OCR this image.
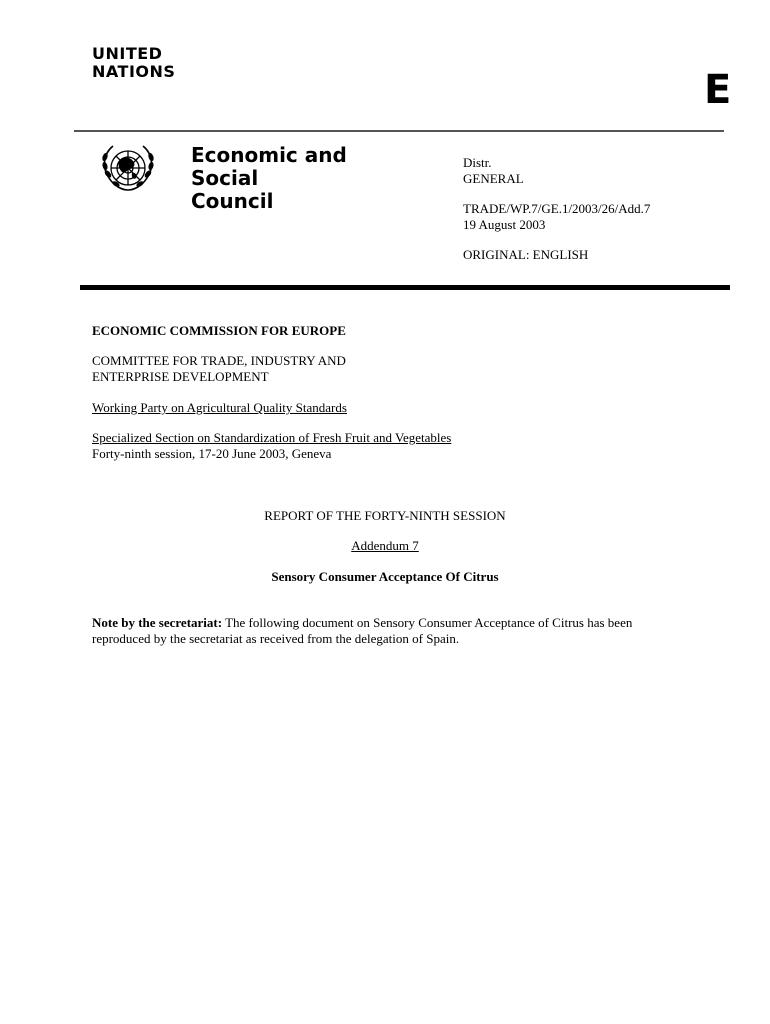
UNITED
NATIONS	E
Economic and
Social
Council
Distr.
GENERAL
TRADE/WP.7/GE.1/2003/26/Add.7
19 August 2003
ORIGINAL: ENGLISH
ECONOMIC COMMISSION FOR EUROPE
COMMITTEE FOR TRADE, INDUSTRY AND
ENTERPRISE DEVELOPMENT
Working Party on Agricultural Quality Standards
Specialized Section on Standardization of Fresh Fruit and Vegetables
Forty-ninth session, 17-20 June 2003, Geneva
REPORT OF THE FORTY-NINTH SESSION
Addendum 7
Sensory Consumer Acceptance Of Citrus
Note by the secretariat: The following document on Sensory Consumer Acceptance of Citrus has been reproduced by the secretariat as received from the delegation of Spain.
